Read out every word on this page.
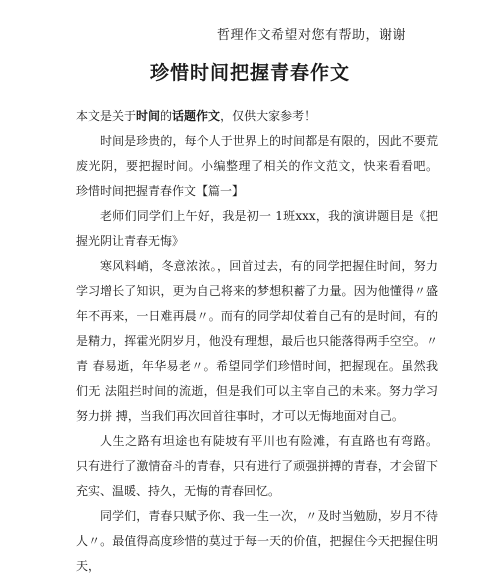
哲理作文希望对您有帮助，谢谢
珍惜时间把握青春作文

本文是关于时间的话题作文，仅供大家参考！

时间是珍贵的，每个人于世界上的时间都是有限的，因此不要荒 废光阴，要把握时间。小编整理了相关的作文范文，快来看看吧。 珍惜时间把握青春作文【篇一】

老师们同学们上午好，我是初一 1班xxx，我的演讲题目是《把 握光阴让青春无悔》

寒风料峭，冬意浓浓。，回首过去，有的同学把握住时间，努力 学习增长了知识，更为自己将来的梦想积蓄了力量。因为他懂得〃盛 年不再来，一日难再晨〃。而有的同学却仗着自己有的是时间，有的 是精力，挥霍光阴岁月，他没有理想，最后也只能落得两手空空。〃青 春易逝，年华易老〃。希望同学们珍惜时间，把握现在。虽然我们无 法阻拦时间的流逝，但是我们可以主宰自己的未来。努力学习努力拼 搏，当我们再次回首往事时，才可以无悔地面对自己。

人生之路有坦途也有陡坡有平川也有险滩，有直路也有弯路。 只有进行了激情奋斗的青春，只有进行了顽强拼搏的青春，才会留下 充实、温暖、持久，无悔的青春回忆。

同学们，青春只赋予你、我一生一次，〃及时当勉励，岁月不待 人〃。最值得高度珍惜的莫过于每一天的价值，把握住今天把握住明 天，
